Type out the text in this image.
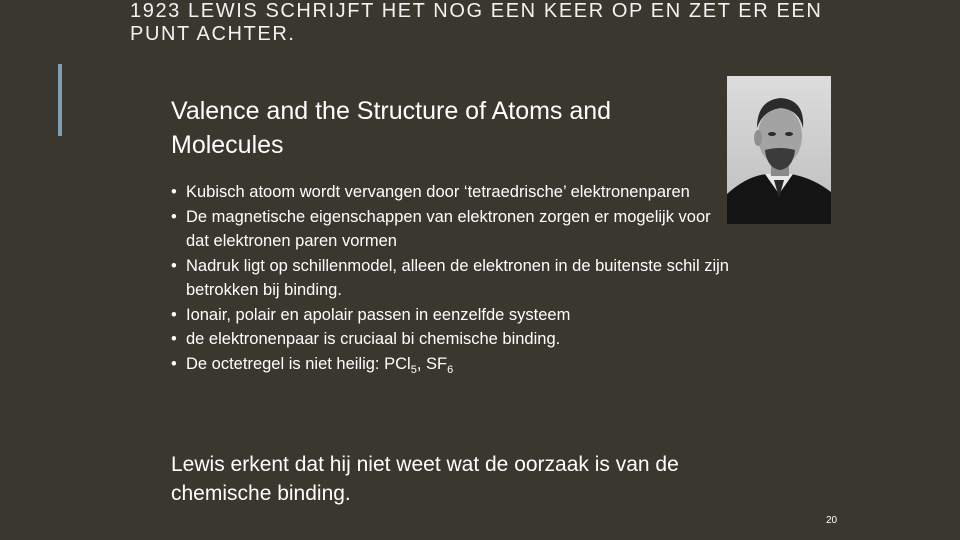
1923 LEWIS SCHRIJFT HET NOG EEN KEER OP EN ZET ER EEN PUNT ACHTER.
Valence and the Structure of Atoms and Molecules
• Kubisch atoom wordt vervangen door ‘tetraedrische’ elektronenparen
• De magnetische eigenschappen van elektronen zorgen er mogelijk voor dat elektronen paren vormen
• Nadruk ligt op schillenmodel, alleen de elektronen in de buitenste schil zijn betrokken bij binding.
• Ionair, polair en apolair passen in eenzelfde systeem
• de elektronenpaar is cruciaal bi chemische binding.
• De octetregel is niet heilig: PCl$_5$, $SF_6$

Lewis erkent dat hij niet weet wat de oorzaak is van de chemische binding.

20
